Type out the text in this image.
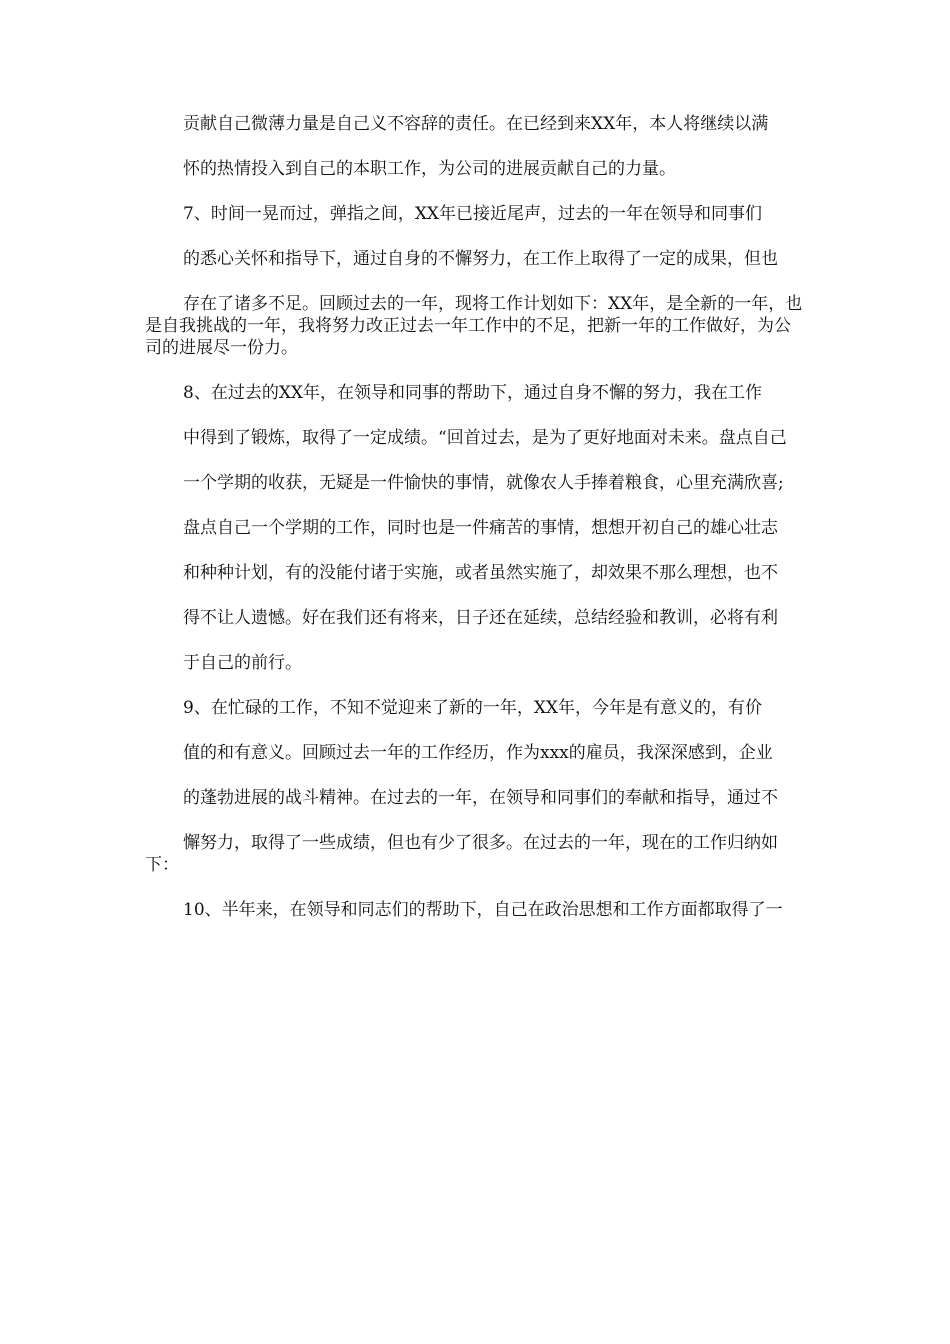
贡献自己微薄力量是自己义不容辞的责任。在已经到来XX年，本人将继续以满

怀的热情投入到自己的本职工作，为公司的进展贡献自己的力量。

7、时间一晃而过，弹指之间，XX年已接近尾声，过去的一年在领导和同事们

的悉心关怀和指导下，通过自身的不懈努力，在工作上取得了一定的成果，但也

存在了诸多不足。回顾过去的一年，现将工作计划如下：XX年，是全新的一年，也是自我挑战的一年，我将努力改正过去一年工作中的不足，把新一年的工作做好，为公司的进展尽一份力。

8、在过去的XX年，在领导和同事的帮助下，通过自身不懈的努力，我在工作

中得到了锻炼，取得了一定成绩。“回首过去，是为了更好地面对未来。盘点自己

一个学期的收获，无疑是一件愉快的事情，就像农人手捧着粮食，心里充满欣喜;

盘点自己一个学期的工作，同时也是一件痛苦的事情，想想开初自己的雄心壮志

和种种计划，有的没能付诸于实施，或者虽然实施了，却效果不那么理想，也不

得不让人遗憾。好在我们还有将来，日子还在延续，总结经验和教训，必将有利

于自己的前行。

9、在忙碌的工作，不知不觉迎来了新的一年，XX年，今年是有意义的，有价

值的和有意义。回顾过去一年的工作经历，作为xxx的雇员，我深深感到，企业

的蓬勃进展的战斗精神。在过去的一年，在领导和同事们的奉献和指导，通过不

懈努力，取得了一些成绩，但也有少了很多。在过去的一年，现在的工作归纳如下：

10、半年来，在领导和同志们的帮助下，自己在政治思想和工作方面都取得了一
